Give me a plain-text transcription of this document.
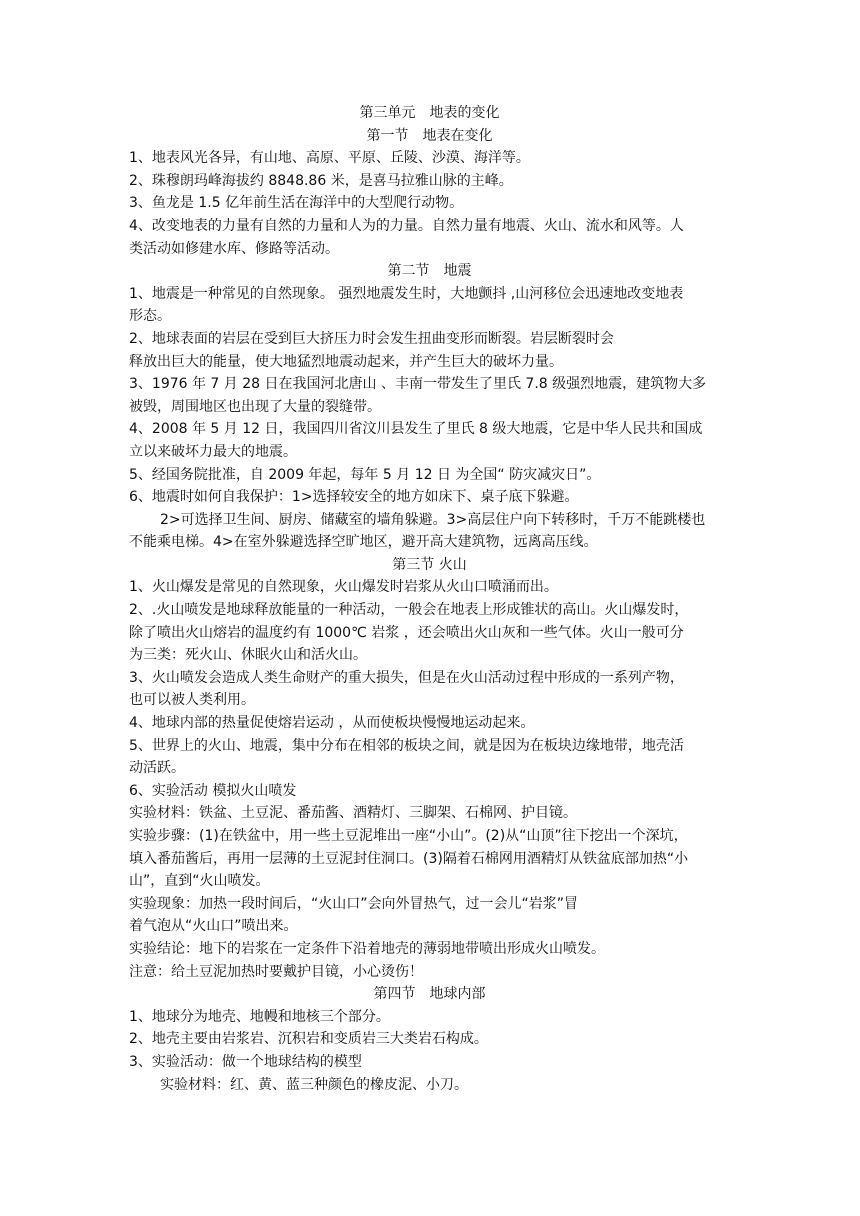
第三单元　地表的变化
第一节　地表在变化
1、地表风光各异，有山地、高原、平原、丘陵、沙漠、海洋等。
2、珠穆朗玛峰海拔约 8848.86 米，是喜马拉雅山脉的主峰。
3、鱼龙是 1.5 亿年前生活在海洋中的大型爬行动物。
4、改变地表的力量有自然的力量和人为的力量。自然力量有地震、火山、流水和风等。人
类活动如修建水库、修路等活动。
第二节　地震
1、地震是一种常见的自然现象。 强烈地震发生时，大地颤抖 ,山河移位会迅速地改变地表
形态。
2、地球表面的岩层在受到巨大挤压力时会发生扭曲变形而断裂。岩层断裂时会
释放出巨大的能量，使大地猛烈地震动起来，并产生巨大的破坏力量。
3、1976 年 7 月 28 日在我国河北唐山 、丰南一带发生了里氏 7.8 级强烈地震，建筑物大多
被毁，周围地区也出现了大量的裂缝带。
4、2008 年 5 月 12 日，我国四川省汶川县发生了里氏 8 级大地震，它是中华人民共和国成
立以来破坏力最大的地震。
5、经国务院批准，自 2009 年起，每年 5 月 12 日 为全国“ 防灾减灾日”。
6、地震时如何自我保护：1>选择较安全的地方如床下、桌子底下躲避。
2>可选择卫生间、厨房、储藏室的墙角躲避。3>高层住户向下转移时，千万不能跳楼也
不能乘电梯。4>在室外躲避选择空旷地区，避开高大建筑物，远离高压线。
第三节 火山
1、火山爆发是常见的自然现象，火山爆发时岩浆从火山口喷涌而出。
2、.火山喷发是地球释放能量的一种活动，一般会在地表上形成锥状的高山。火山爆发时，
除了喷出火山熔岩的温度约有 1000℃ 岩浆 ，还会喷出火山灰和一些气体。火山一般可分
为三类：死火山、休眠火山和活火山。
3、火山喷发会造成人类生命财产的重大损失，但是在火山活动过程中形成的一系列产物，
也可以被人类利用。
4、地球内部的热量促使熔岩运动 ，从而使板块慢慢地运动起来。
5、世界上的火山、地震，集中分布在相邻的板块之间，就是因为在板块边缘地带，地壳活
动活跃。
6、实验活动 模拟火山喷发
实验材料：铁盆、土豆泥、番茄酱、酒精灯、三脚架、石棉网、护目镜。
实验步骤：(1)在铁盆中，用一些土豆泥堆出一座“小山”。(2)从“山顶”往下挖出一个深坑，
填入番茄酱后，再用一层薄的土豆泥封住洞口。(3)隔着石棉网用酒精灯从铁盆底部加热“小
山”，直到“火山喷发。
实验现象：加热一段时间后，“火山口”会向外冒热气，过一会儿“岩浆”冒
着气泡从“火山口”喷出来。
实验结论：地下的岩浆在一定条件下沿着地壳的薄弱地带喷出形成火山喷发。
注意：给土豆泥加热时要戴护目镜，小心烫伤！
第四节　地球内部
1、地球分为地壳、地幔和地核三个部分。
2、地壳主要由岩浆岩、沉积岩和变质岩三大类岩石构成。
3、实验活动：做一个地球结构的模型
实验材料：红、黄、蓝三种颜色的橡皮泥、小刀。
